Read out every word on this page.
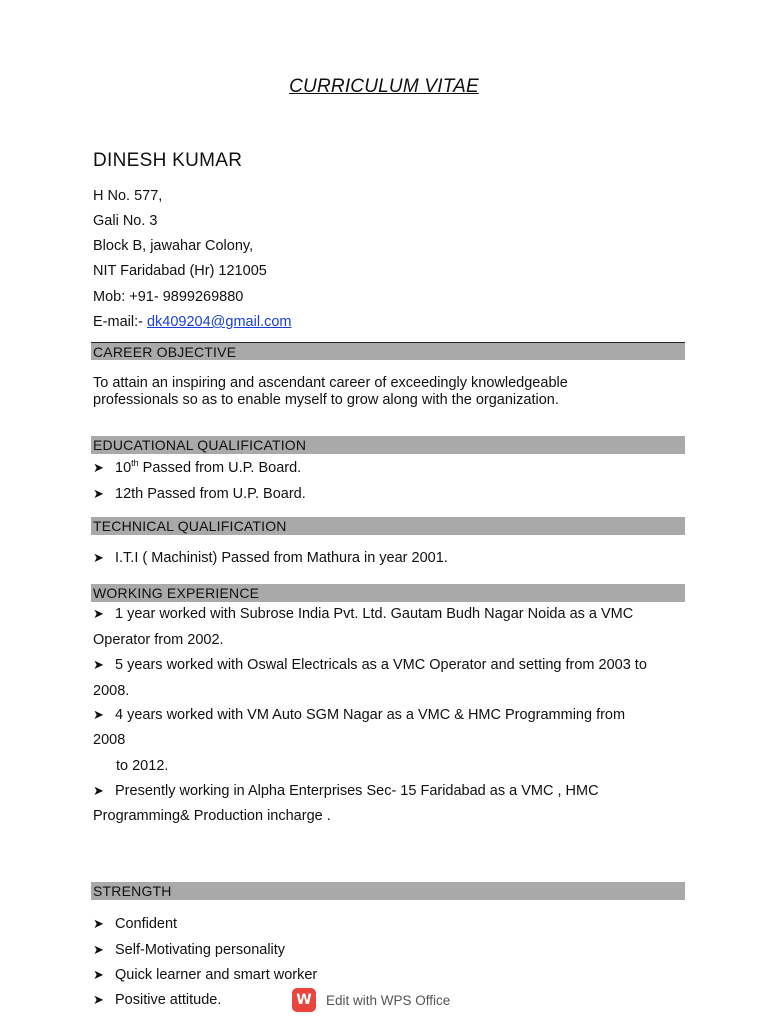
CURRICULUM VITAE
DINESH KUMAR
H No. 577,
Gali No. 3
Block B, jawahar Colony,
NIT Faridabad (Hr) 121005
Mob: +91- 9899269880
E-mail:- dk409204@gmail.com
CAREER OBJECTIVE
To attain an inspiring and ascendant career of exceedingly knowledgeable professionals so as to enable myself to grow along with the organization.
EDUCATIONAL QUALIFICATION
➤ 10th Passed from U.P. Board.
➤ 12th Passed from U.P. Board.
TECHNICAL QUALIFICATION
➤ I.T.I ( Machinist) Passed from Mathura in year 2001.
WORKING EXPERIENCE
➤ 1 year worked with Subrose India Pvt. Ltd. Gautam Budh Nagar Noida as a VMC
Operator from 2002.
➤ 5 years worked with Oswal Electricals as a VMC Operator and setting from 2003 to
2008.
➤ 4 years worked with VM Auto SGM Nagar as a VMC & HMC Programming from
2008
to 2012.
➤ Presently working in Alpha Enterprises Sec- 15 Faridabad as a VMC , HMC
Programming& Production incharge .
STRENGTH
➤ Confident
➤ Self-Motivating personality
➤ Quick learner and smart worker
➤ Positive attitude.	W	Edit with WPS Office
